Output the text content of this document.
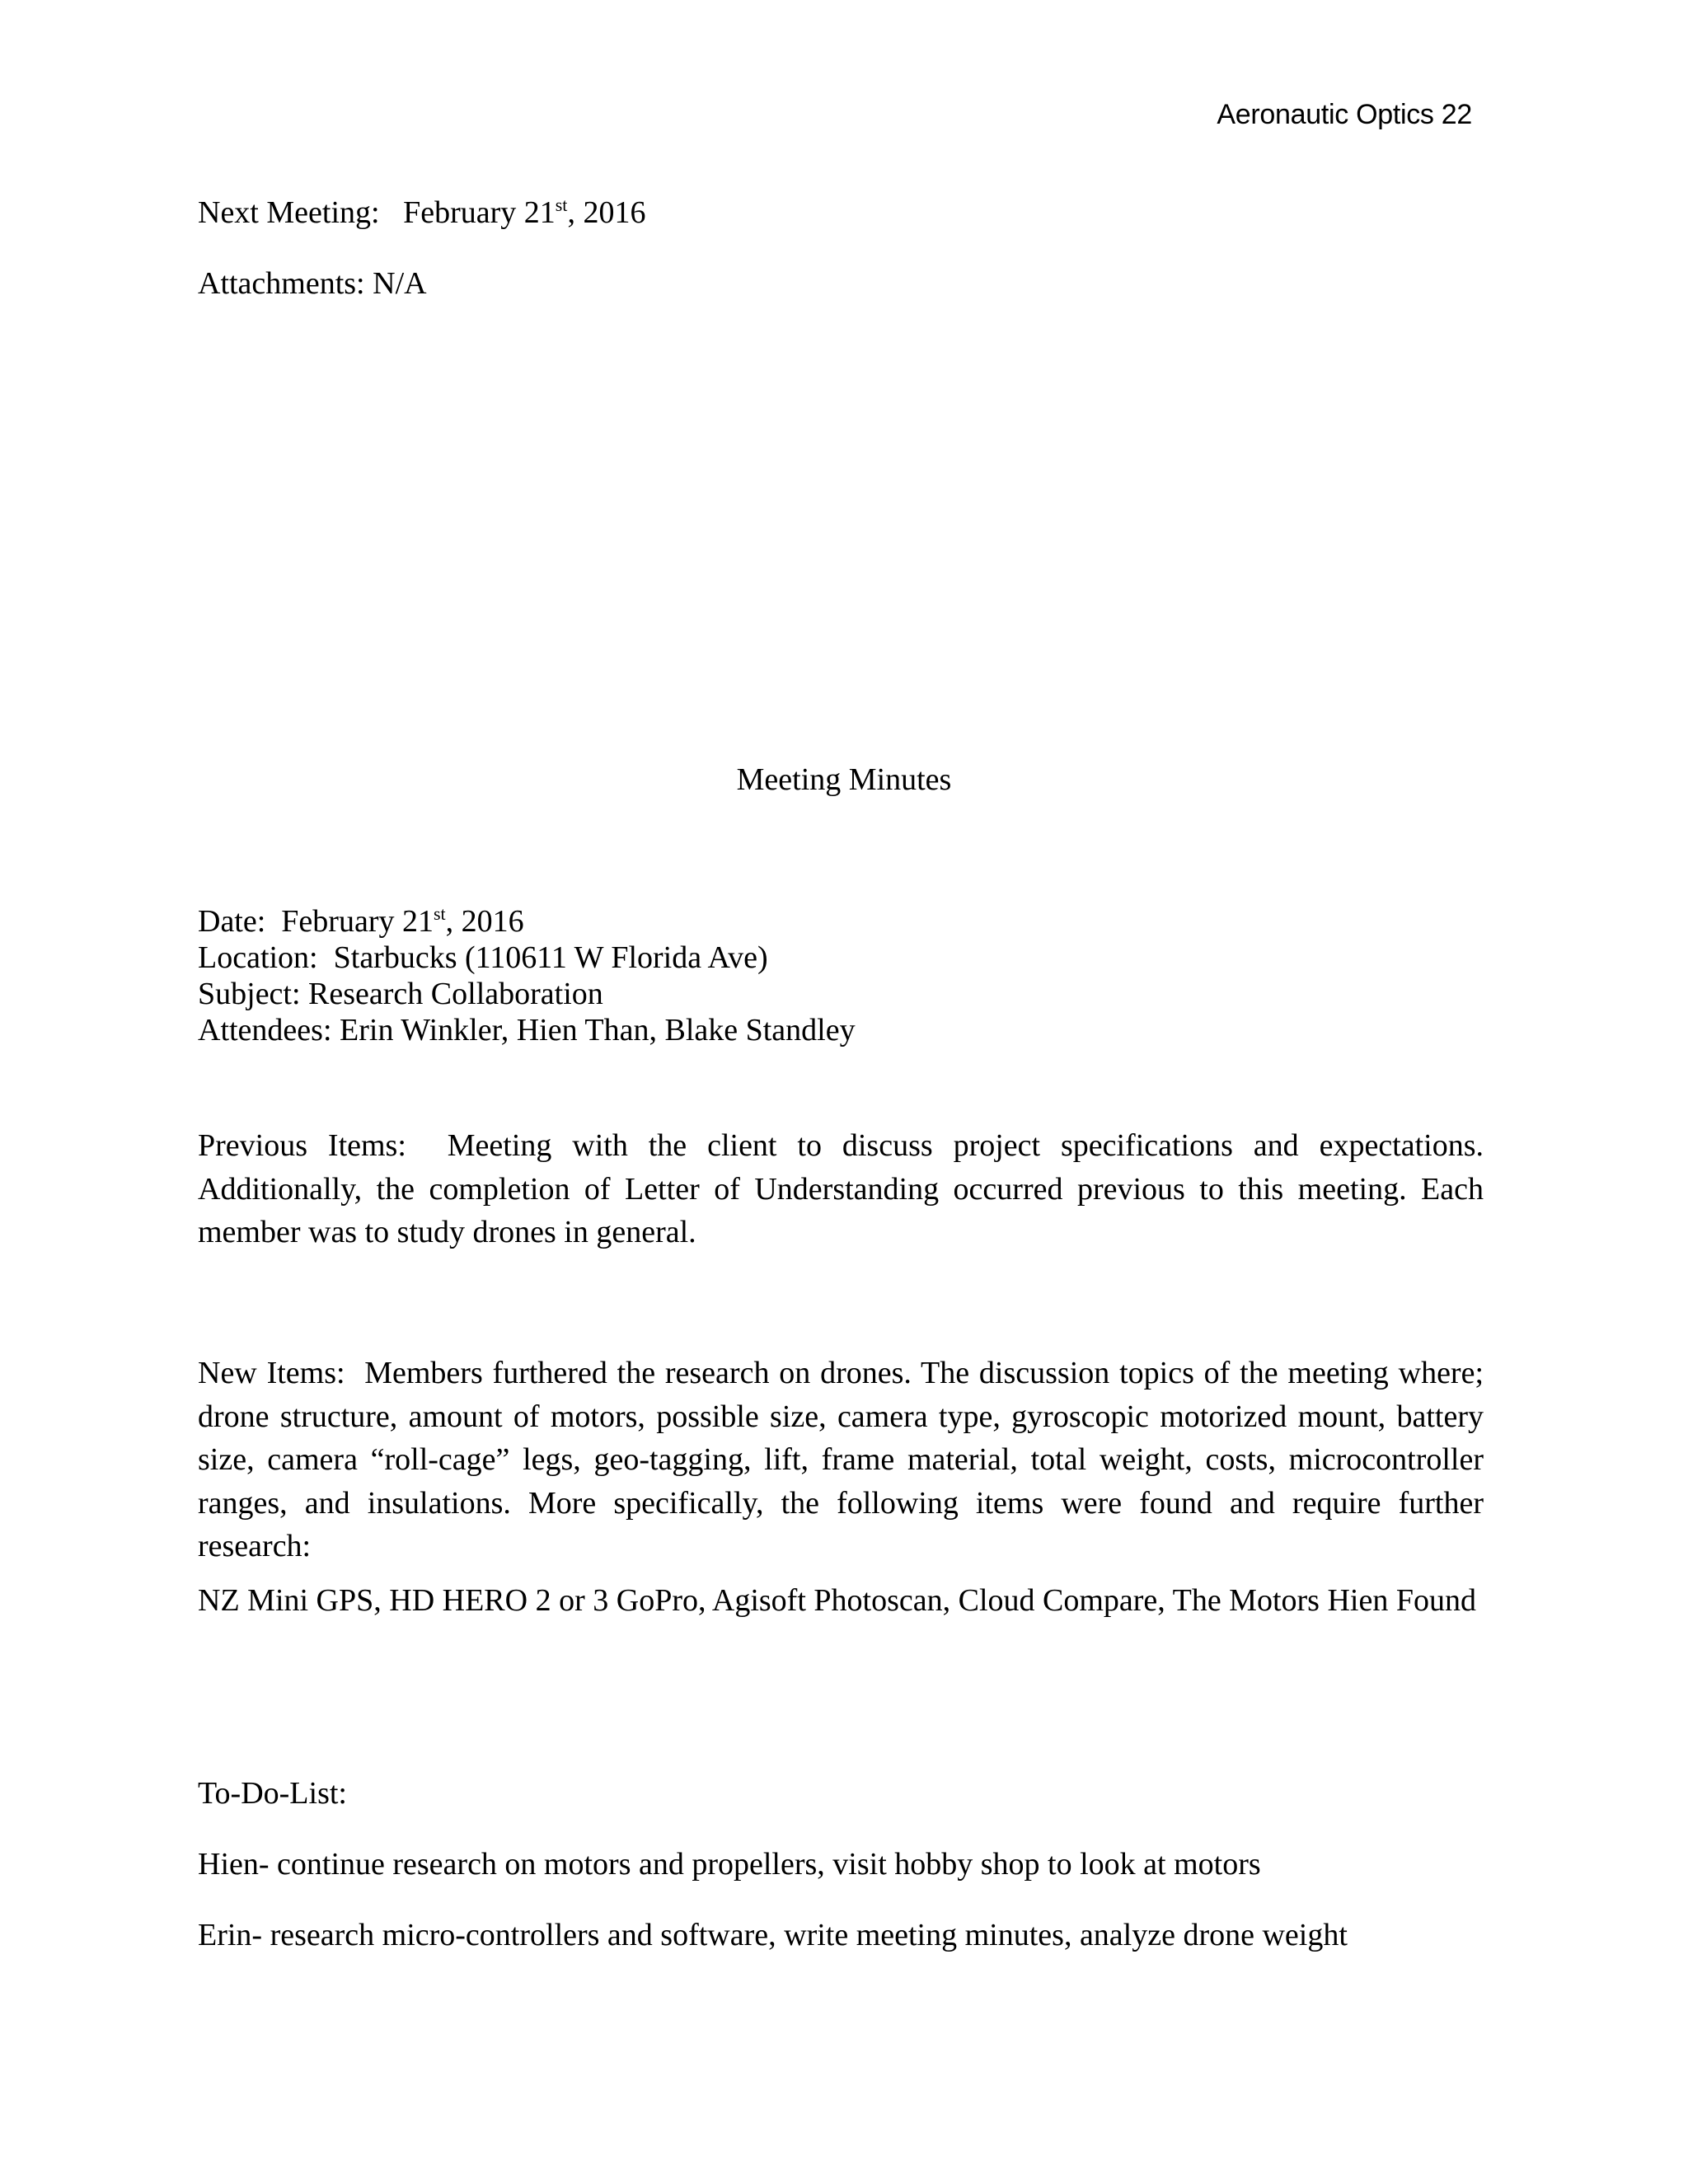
Aeronautic Optics 22
Next Meeting: February 21st, 2016
Attachments: N/A
Meeting Minutes
Date: February 21st, 2016
Location: Starbucks (110611 W Florida Ave)
Subject: Research Collaboration
Attendees: Erin Winkler, Hien Than, Blake Standley
Previous Items: Meeting with the client to discuss project specifications and expectations. Additionally, the completion of Letter of Understanding occurred previous to this meeting. Each member was to study drones in general.
New Items: Members furthered the research on drones. The discussion topics of the meeting where; drone structure, amount of motors, possible size, camera type, gyroscopic motorized mount, battery size, camera “roll-cage” legs, geo-tagging, lift, frame material, total weight, costs, microcontroller ranges, and insulations. More specifically, the following items were found and require further research:
NZ Mini GPS, HD HERO 2 or 3 GoPro, Agisoft Photoscan, Cloud Compare, The Motors Hien Found
To-Do-List:
Hien- continue research on motors and propellers, visit hobby shop to look at motors
Erin- research micro-controllers and software, write meeting minutes, analyze drone weight
